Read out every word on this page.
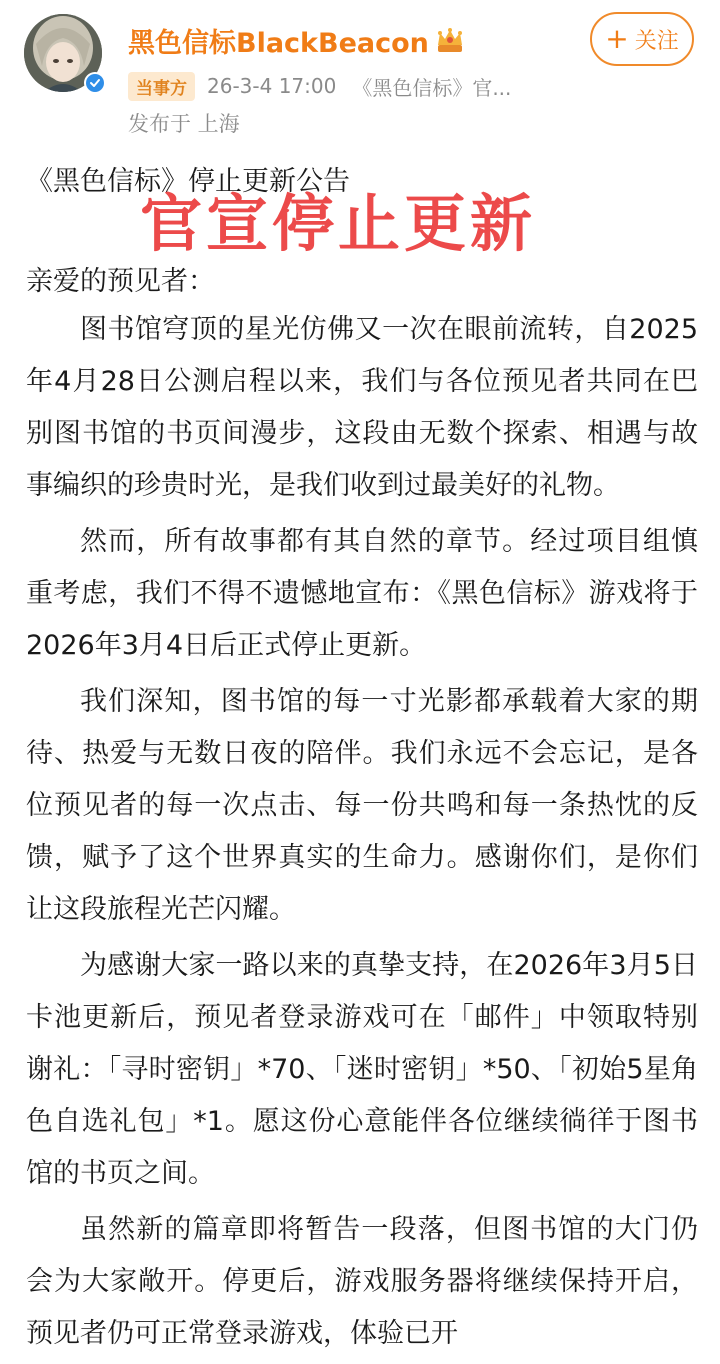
黑色信标BlackBeacon	+ 关注
当事方	26-3-4 17:00 《黑色信标》官...
发布于 上海
官宣停止更新
《黑色信标》停止更新公告
亲爱的预见者：

图书馆穹顶的星光仿佛又一次在眼前流转，自2025年4月28日公测启程以来，我们与各位预见者共同在巴别图书馆的书页间漫步，这段由无数个探索、相遇与故事编织的珍贵时光，是我们收到过最美好的礼物。

然而，所有故事都有其自然的章节。经过项目组慎重考虑，我们不得不遗憾地宣布：《黑色信标》游戏将于2026年3月4日后正式停止更新。

我们深知，图书馆的每一寸光影都承载着大家的期待、热爱与无数日夜的陪伴。我们永远不会忘记，是各位预见者的每一次点击、每一份共鸣和每一条热忱的反馈，赋予了这个世界真实的生命力。感谢你们，是你们让这段旅程光芒闪耀。

为感谢大家一路以来的真挚支持，在2026年3月5日卡池更新后，预见者登录游戏可在「邮件」中领取特别谢礼：「寻时密钥」*70、「迷时密钥」*50、「初始5星角色自选礼包」*1。愿这份心意能伴各位继续徜徉于图书馆的书页之间。

虽然新的篇章即将暂告一段落，但图书馆的大门仍会为大家敞开。停更后，游戏服务器将继续保持开启，预见者仍可正常登录游戏，体验已开
